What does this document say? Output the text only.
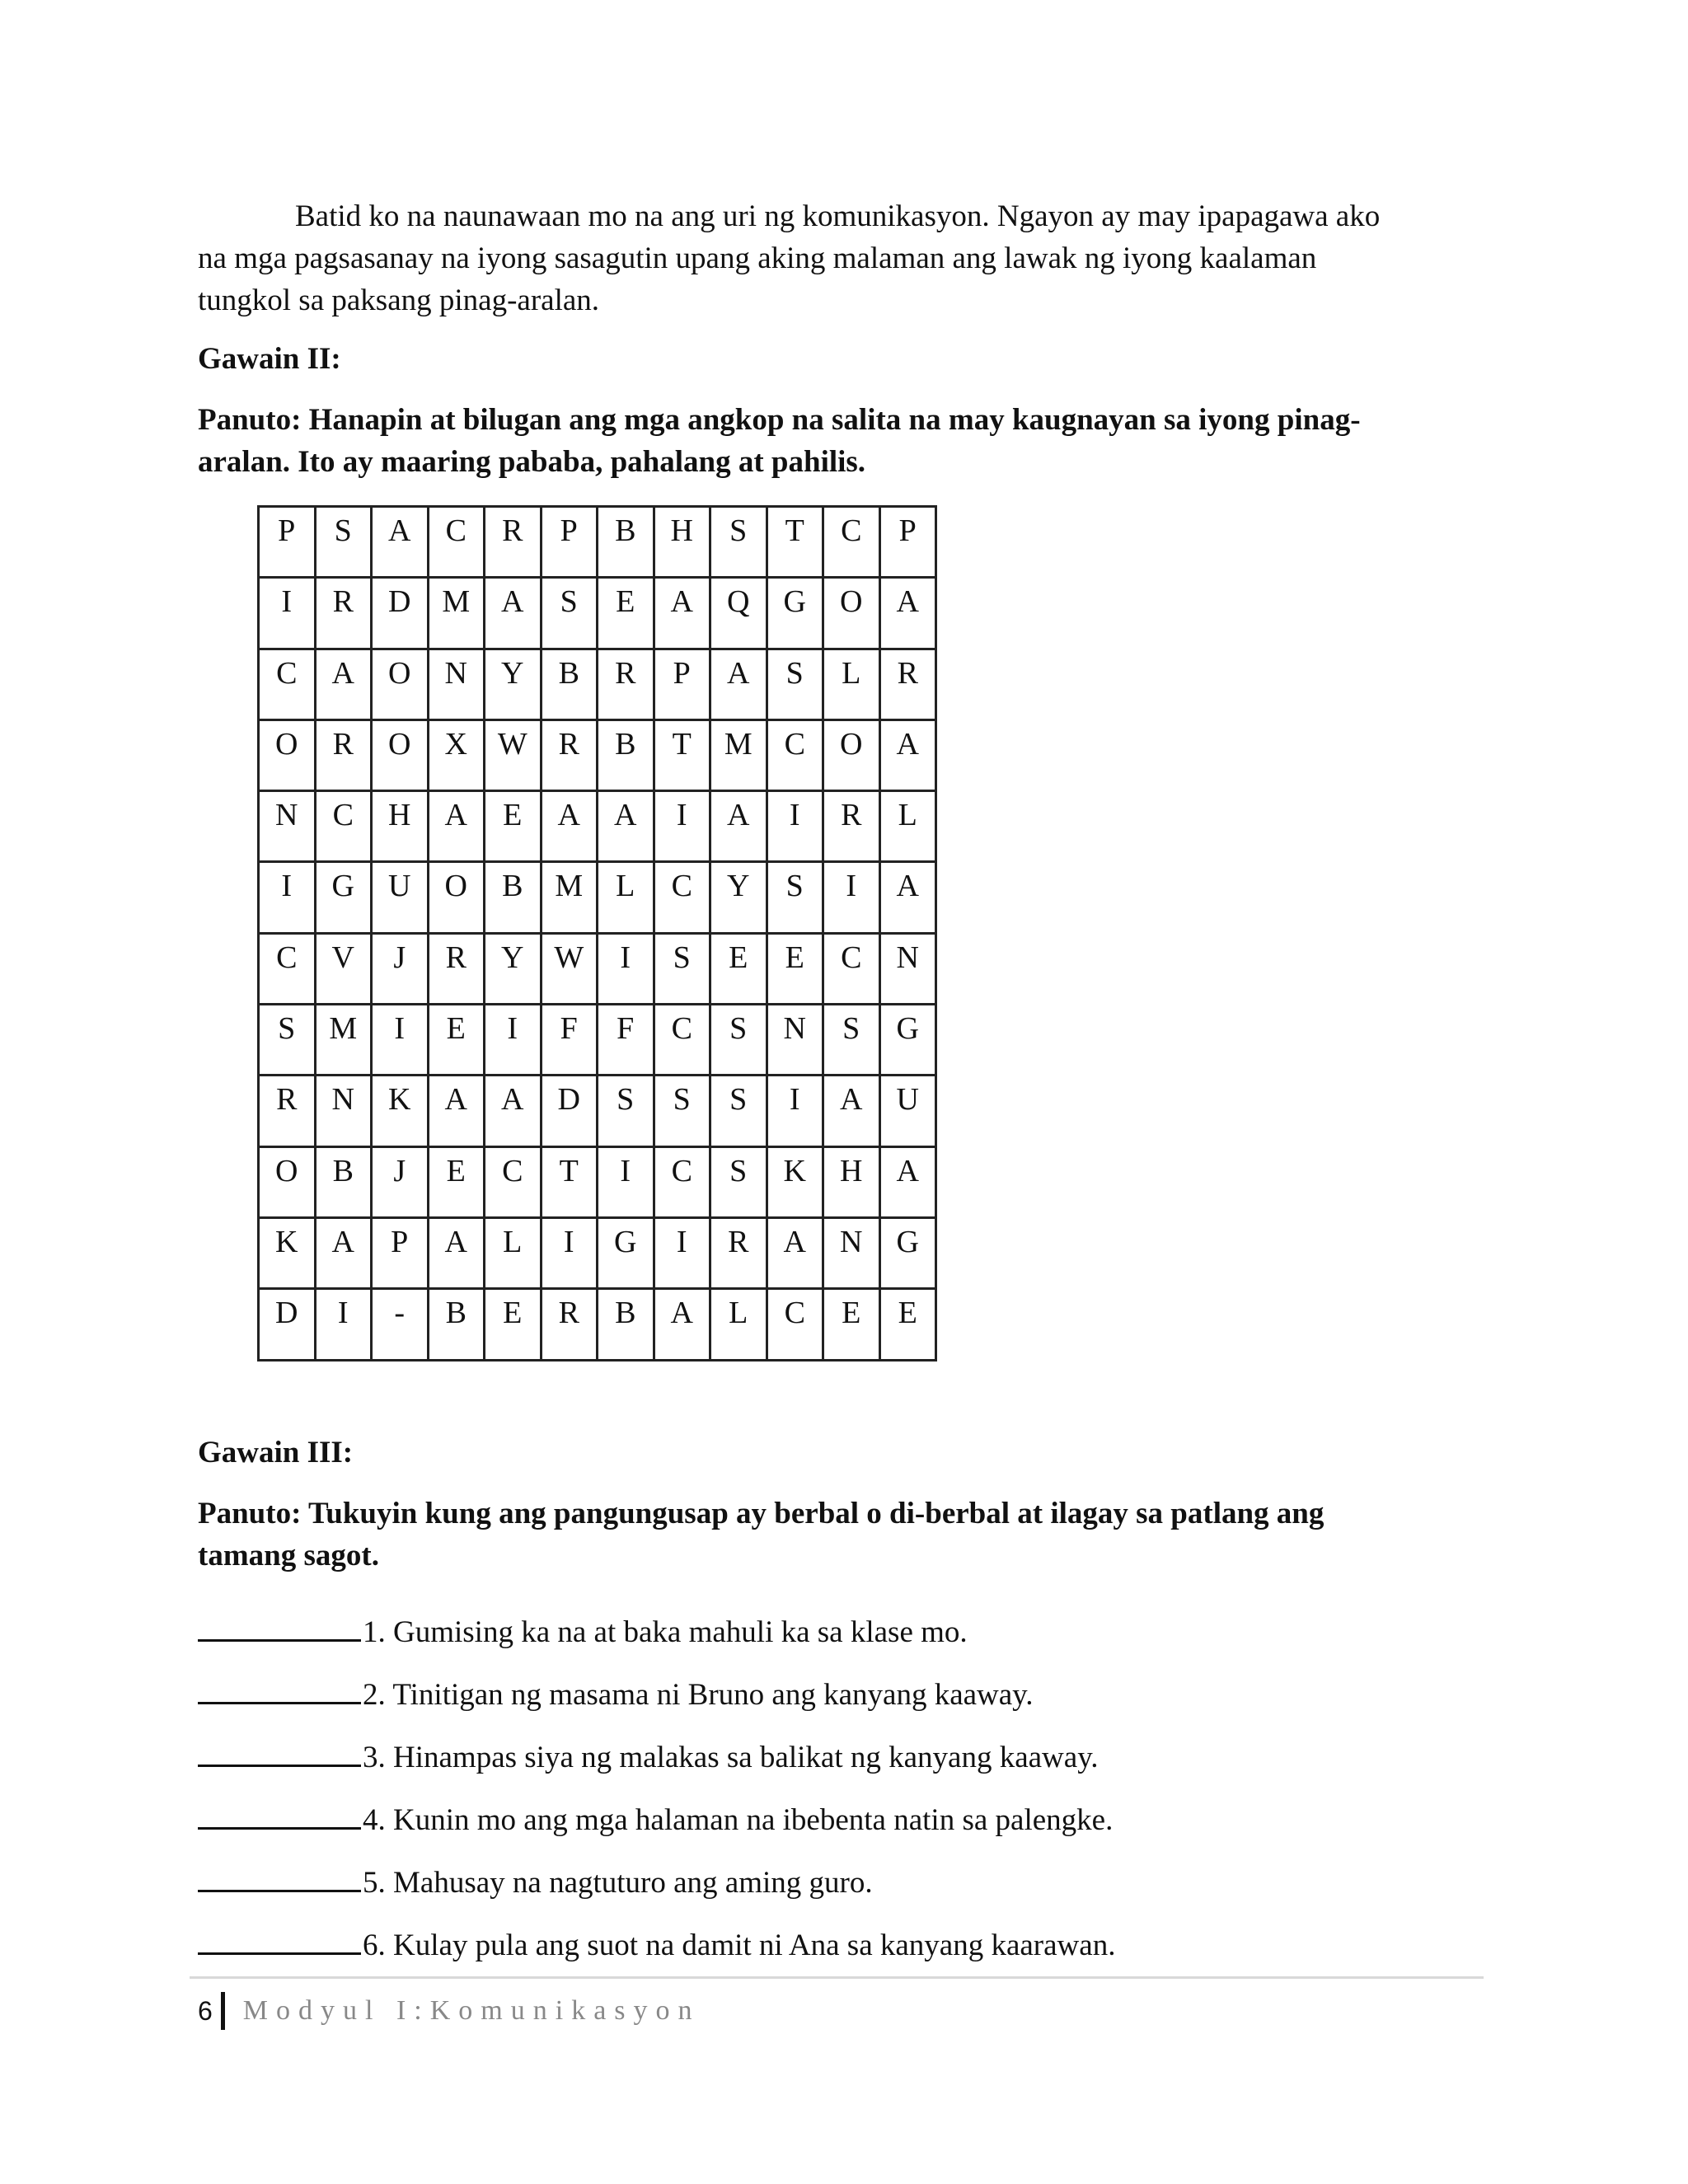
Batid ko na naunawaan mo na ang uri ng komunikasyon. Ngayon ay may ipapagawa ako
na mga pagsasanay na iyong sasagutin upang aking malaman ang lawak ng iyong kaalaman
tungkol sa paksang pinag-aralan.
Gawain II:
Panuto: Hanapin at bilugan ang mga angkop na salita na may kaugnayan sa iyong pinag-
aralan. Ito ay maaring pababa, pahalang at pahilis.
P	S	A	C	R	P	B	H	S	T	C	P
I	R	D	M	A	S	E	A	Q	G	O	A
C	A	O	N	Y	B	R	P	A	S	L	R
O	R	O	X	W	R	B	T	M	C	O	A
N	C	H	A	E	A	A	I	A	I	R	L
I	G	U	O	B	M	L	C	Y	S	I	A
C	V	J	R	Y	W	I	S	E	E	C	N
S	M	I	E	I	F	F	C	S	N	S	G
R	N	K	A	A	D	S	S	S	I	A	U
O	B	J	E	C	T	I	C	S	K	H	A
K	A	P	A	L	I	G	I	R	A	N	G
D	I	-	B	E	R	B	A	L	C	E	E
Gawain III:
Panuto: Tukuyin kung ang pangungusap ay berbal o di-berbal at ilagay sa patlang ang
tamang sagot.
1. Gumising ka na at baka mahuli ka sa klase mo.
2. Tinitigan ng masama ni Bruno ang kanyang kaaway.
3. Hinampas siya ng malakas sa balikat ng kanyang kaaway.
4. Kunin mo ang mga halaman na ibebenta natin sa palengke.
5. Mahusay na nagtuturo ang aming guro.
6. Kulay pula ang suot na damit ni Ana sa kanyang kaarawan.
6 Modyul I:Komunikasyon
